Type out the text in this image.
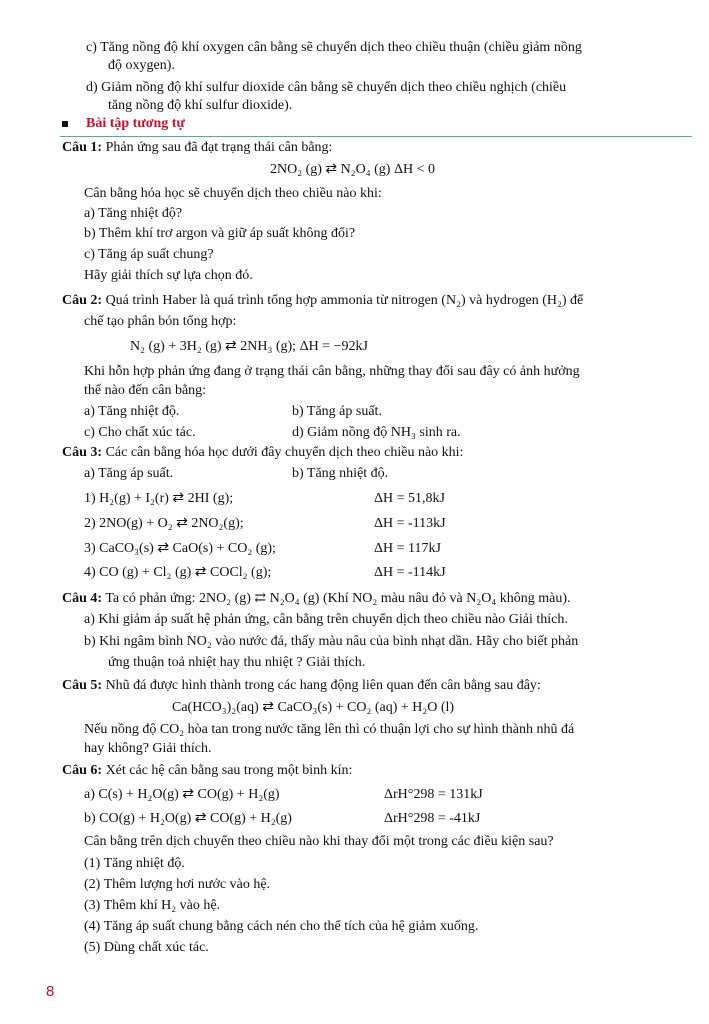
c) Tăng nồng độ khí oxygen cân bằng sẽ chuyển dịch theo chiều thuận (chiều giảm nồng
độ oxygen).
d) Giảm nồng độ khí sulfur dioxide cân bằng sẽ chuyển dịch theo chiều nghịch (chiều
tăng nồng độ khí sulfur dioxide).
Bài tập tương tự
Câu 1: Phản ứng sau đã đạt trạng thái cân bằng:
2NO₂ (g) ⇄ N₂O₄ (g) ΔH < 0
Cân bằng hóa học sẽ chuyển dịch theo chiều nào khi:
a) Tăng nhiệt độ?
b) Thêm khí trơ argon và giữ áp suất không đổi?
c) Tăng áp suất chung?
Hãy giải thích sự lựa chọn đó.
Câu 2: Quá trình Haber là quá trình tổng hợp ammonia từ nitrogen (N₂) và hydrogen (H₂) để
chế tạo phân bón tổng hợp:
N₂ (g) + 3H₂ (g) ⇄ 2NH₃ (g); ΔH = −92kJ
Khi hỗn hợp phản ứng đang ở trạng thái cân bằng, những thay đổi sau đây có ảnh hưởng
thế nào đến cân bằng:
a) Tăng nhiệt độ.	b) Tăng áp suất.
c) Cho chất xúc tác.	d) Giảm nồng độ NH₃ sinh ra.
Câu 3: Các cân bằng hóa học dưới đây chuyển dịch theo chiều nào khi:
a) Tăng áp suất.	b) Tăng nhiệt độ.
1) H₂(g) + I₂(r) ⇄ 2HI (g);	ΔH = 51,8kJ
2) 2NO(g) + O₂ ⇄ 2NO₂(g);	ΔH = -113kJ
3) CaCO₃(s) ⇄ CaO(s) + CO₂ (g);	ΔH = 117kJ
4) CO (g) + Cl₂ (g) ⇄ COCl₂ (g);	ΔH = -114kJ
Câu 4: Ta có phản ứng: 2NO₂ (g) ⇄ N₂O₄ (g) (Khí NO₂ màu nâu đỏ và N₂O₄ không màu).
a) Khi giảm áp suất hệ phản ứng, cân bằng trên chuyển dịch theo chiều nào Giải thích.
b) Khi ngâm bình NO₂ vào nước đá, thấy màu nâu của bình nhạt dần. Hãy cho biết phản
ứng thuận toả nhiệt hay thu nhiệt ? Giải thích.
Câu 5: Nhũ đá được hình thành trong các hang động liên quan đến cân bằng sau đây:
Ca(HCO₃)₂(aq) ⇄ CaCO₃(s) + CO₂ (aq) + H₂O (l)
Nếu nồng độ CO₂ hòa tan trong nước tăng lên thì có thuận lợi cho sự hình thành nhũ đá
hay không? Giải thích.
Câu 6: Xét các hệ cân bằng sau trong một bình kín:
a) C(s) + H₂O(g) ⇄ CO(g) + H₂(g)	ΔrH°298 = 131kJ
b) CO(g) + H₂O(g) ⇄ CO(g) + H₂(g)	ΔrH°298 = -41kJ
Cân bằng trên dịch chuyển theo chiều nào khi thay đổi một trong các điều kiện sau?
(1) Tăng nhiệt độ.
(2) Thêm lượng hơi nước vào hệ.
(3) Thêm khí H₂ vào hệ.
(4) Tăng áp suất chung bằng cách nén cho thể tích của hệ giảm xuống.
(5) Dùng chất xúc tác.
8
